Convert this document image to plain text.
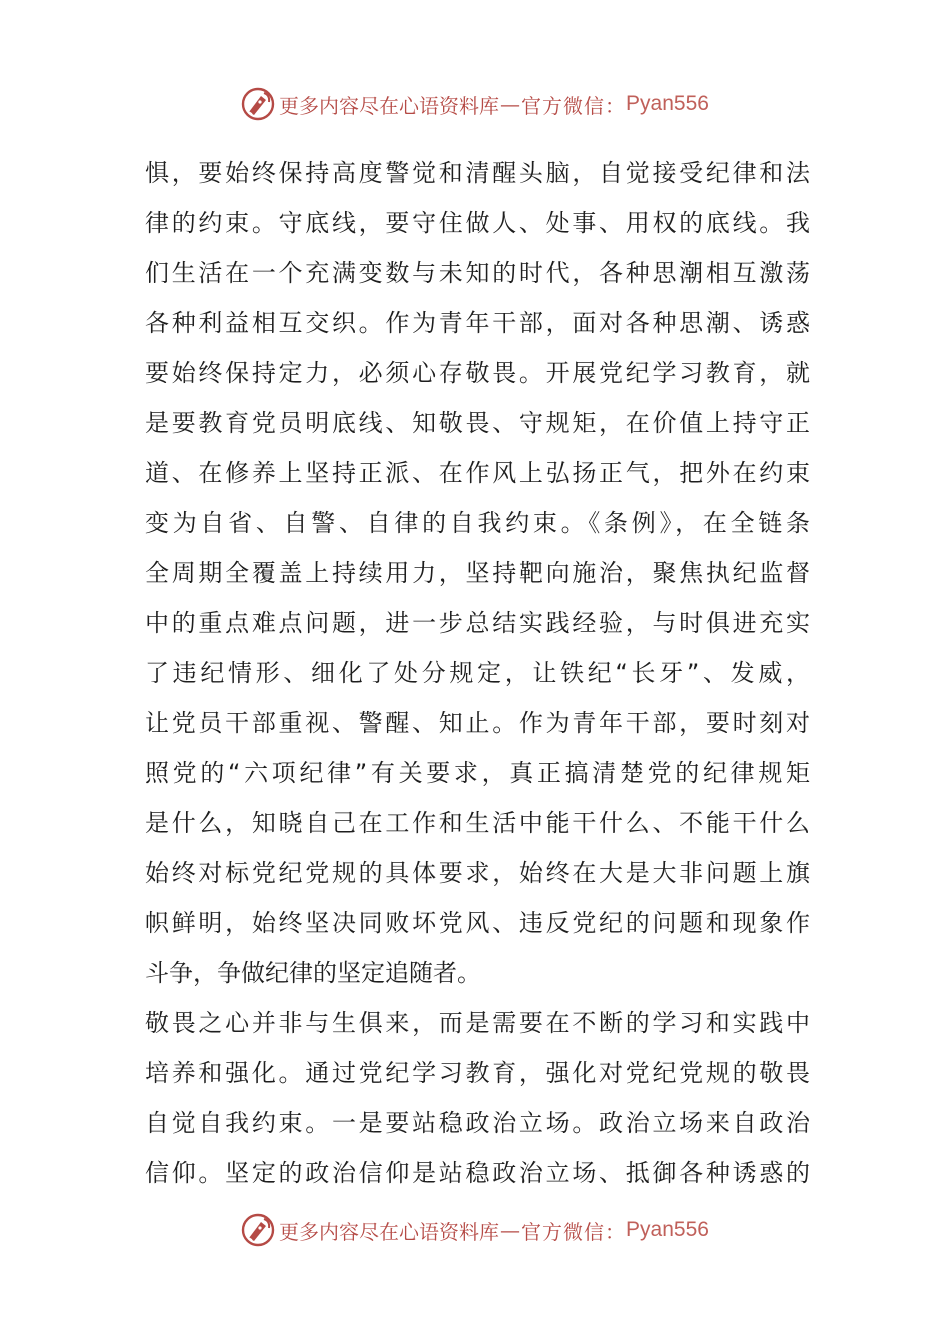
更多内容尽在心语资料库 — 官方微信： Pyan556
惧，要始终保持高度警觉和清醒头脑，自觉接受纪律和法
律的约束。守底线，要守住做人、处事、用权的底线。我
们生活在一个充满变数与未知的时代，各种思潮相互激荡
各种利益相互交织。作为青年干部，面对各种思潮、诱惑
要始终保持定力，必须心存敬畏。开展党纪学习教育，就
是要教育党员明底线、知敬畏、守规矩，在价值上持守正
道、在修养上坚持正派、在作风上弘扬正气，把外在约束
变为自省、自警、自律的自我约束。《条例》，在全链条
全周期全覆盖上持续用力，坚持靶向施治，聚焦执纪监督
中的重点难点问题，进一步总结实践经验，与时俱进充实
了违纪情形、细化了处分规定，让铁纪“长牙”、发威，
让党员干部重视、警醒、知止。作为青年干部，要时刻对
照党的“六项纪律”有关要求，真正搞清楚党的纪律规矩
是什么，知晓自己在工作和生活中能干什么、不能干什么
始终对标党纪党规的具体要求，始终在大是大非问题上旗
帜鲜明，始终坚决同败坏党风、违反党纪的问题和现象作
斗争，争做纪律的坚定追随者。
敬畏之心并非与生俱来，而是需要在不断的学习和实践中
培养和强化。通过党纪学习教育，强化对党纪党规的敬畏
自觉自我约束。一是要站稳政治立场。政治立场来自政治
信仰。坚定的政治信仰是站稳政治立场、抵御各种诱惑的
更多内容尽在心语资料库 — 官方微信： Pyan556
